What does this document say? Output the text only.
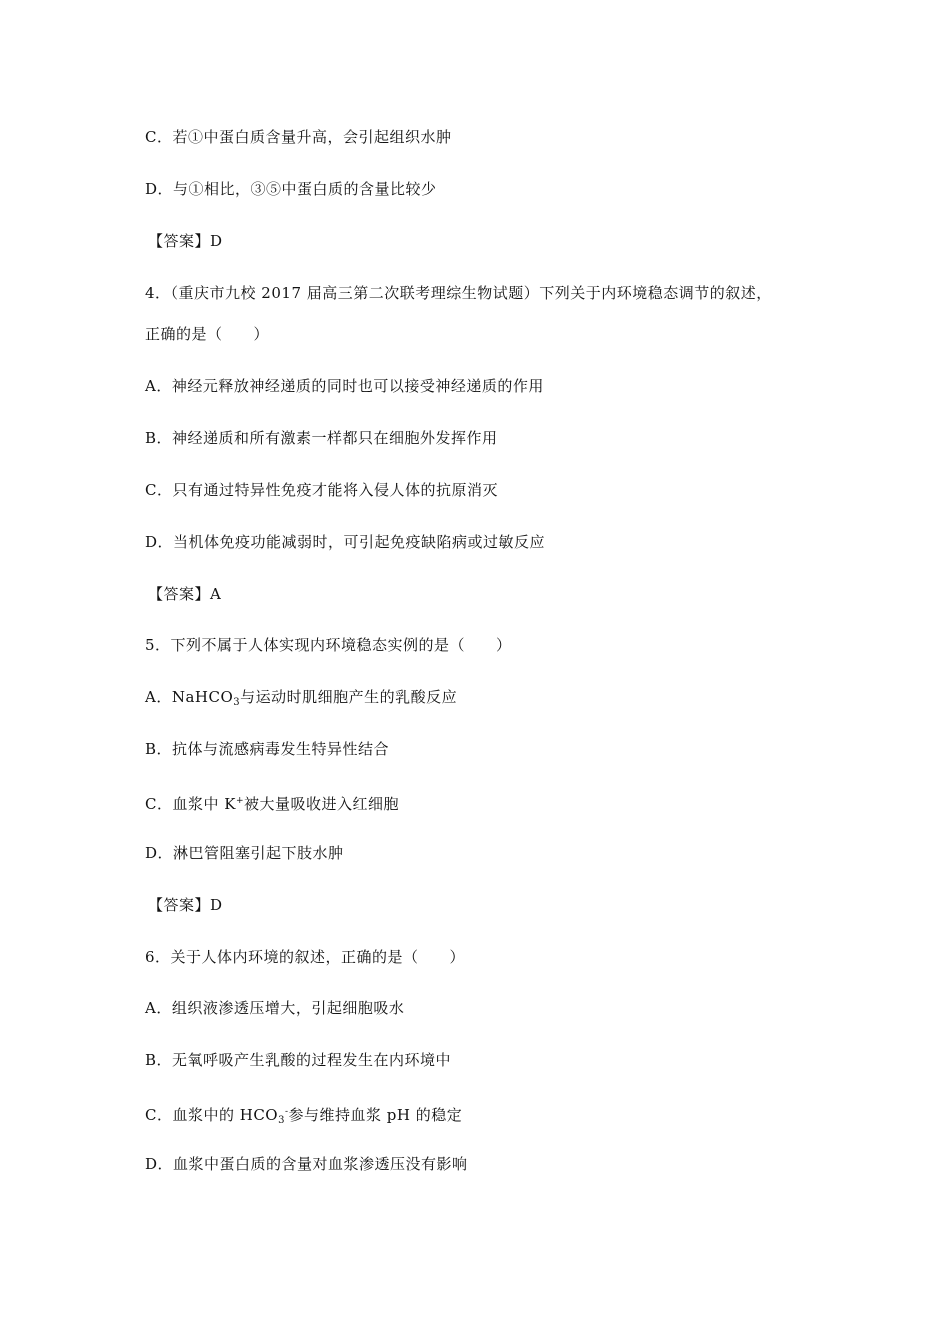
C．若①中蛋白质含量升高，会引起组织水肿
D．与①相比，③⑤中蛋白质的含量比较少
【答案】D
4．（重庆市九校 2017 届高三第二次联考理综生物试题）下列关于内环境稳态调节的叙述，
正确的是（　　）
A．神经元释放神经递质的同时也可以接受神经递质的作用
B．神经递质和所有激素一样都只在细胞外发挥作用
C．只有通过特异性免疫才能将入侵人体的抗原消灭
D．当机体免疫功能减弱时，可引起免疫缺陷病或过敏反应
【答案】A
5．下列不属于人体实现内环境稳态实例的是（　　）
A．NaHCO$_3$与运动时肌细胞产生的乳酸反应
B．抗体与流感病毒发生特异性结合
C．血浆中 K+被大量吸收进入红细胞
D．淋巴管阻塞引起下肢水肿
【答案】D
6．关于人体内环境的叙述，正确的是（　　）
A．组织液渗透压增大，引起细胞吸水
B．无氧呼吸产生乳酸的过程发生在内环境中
C．血浆中的 $HCO_3^-$参与维持血浆 pH 的稳定
D．血浆中蛋白质的含量对血浆渗透压没有影响
